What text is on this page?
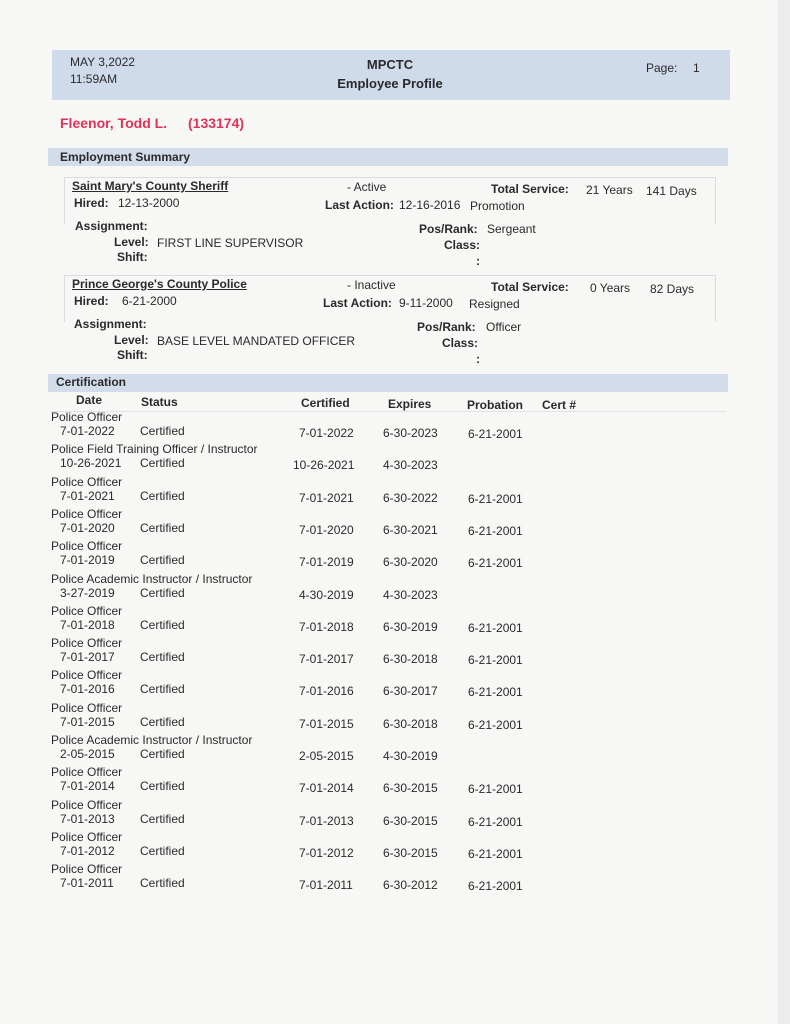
MAY 3,2022
11:59AM
MPCTC
Employee Profile
Page: 1
Fleenor, Todd L. (133174)
Employment Summary
Saint Mary's County Sheriff	- Active	Total Service: 21 Years 141 Days
Hired: 12-13-2000	Last Action: 12-16-2016 Promotion
Assignment:
Level: FIRST LINE SUPERVISOR
Shift:
Pos/Rank: Sergeant
Class:
:
Prince George's County Police	- Inactive	Total Service: 0 Years 82 Days
Hired: 6-21-2000	Last Action: 9-11-2000 Resigned
Assignment:
Level: BASE LEVEL MANDATED OFFICER
Shift:
Pos/Rank: Officer
Class:
:
Certification
Date	Status	Certified	Expires	Probation Cert #
Police Officer
7-01-2022 Certified	7-01-2022 6-30-2023	6-21-2001
Police Field Training Officer / Instructor
10-26-2021 Certified	10-26-2021 4-30-2023
Police Officer
7-01-2021 Certified	7-01-2021 6-30-2022	6-21-2001
Police Officer
7-01-2020 Certified	7-01-2020 6-30-2021	6-21-2001
Police Officer
7-01-2019 Certified	7-01-2019 6-30-2020	6-21-2001
Police Academic Instructor / Instructor
3-27-2019 Certified	4-30-2019 4-30-2023
Police Officer
7-01-2018 Certified	7-01-2018 6-30-2019	6-21-2001
Police Officer
7-01-2017 Certified	7-01-2017 6-30-2018	6-21-2001
Police Officer
7-01-2016 Certified	7-01-2016 6-30-2017	6-21-2001
Police Officer
7-01-2015 Certified	7-01-2015 6-30-2018	6-21-2001
Police Academic Instructor / Instructor
2-05-2015 Certified	2-05-2015 4-30-2019
Police Officer
7-01-2014 Certified	7-01-2014 6-30-2015	6-21-2001
Police Officer
7-01-2013 Certified	7-01-2013 6-30-2015	6-21-2001
Police Officer
7-01-2012 Certified	7-01-2012 6-30-2015	6-21-2001
Police Officer
7-01-2011 Certified	7-01-2011	6-30-2012	6-21-2001
